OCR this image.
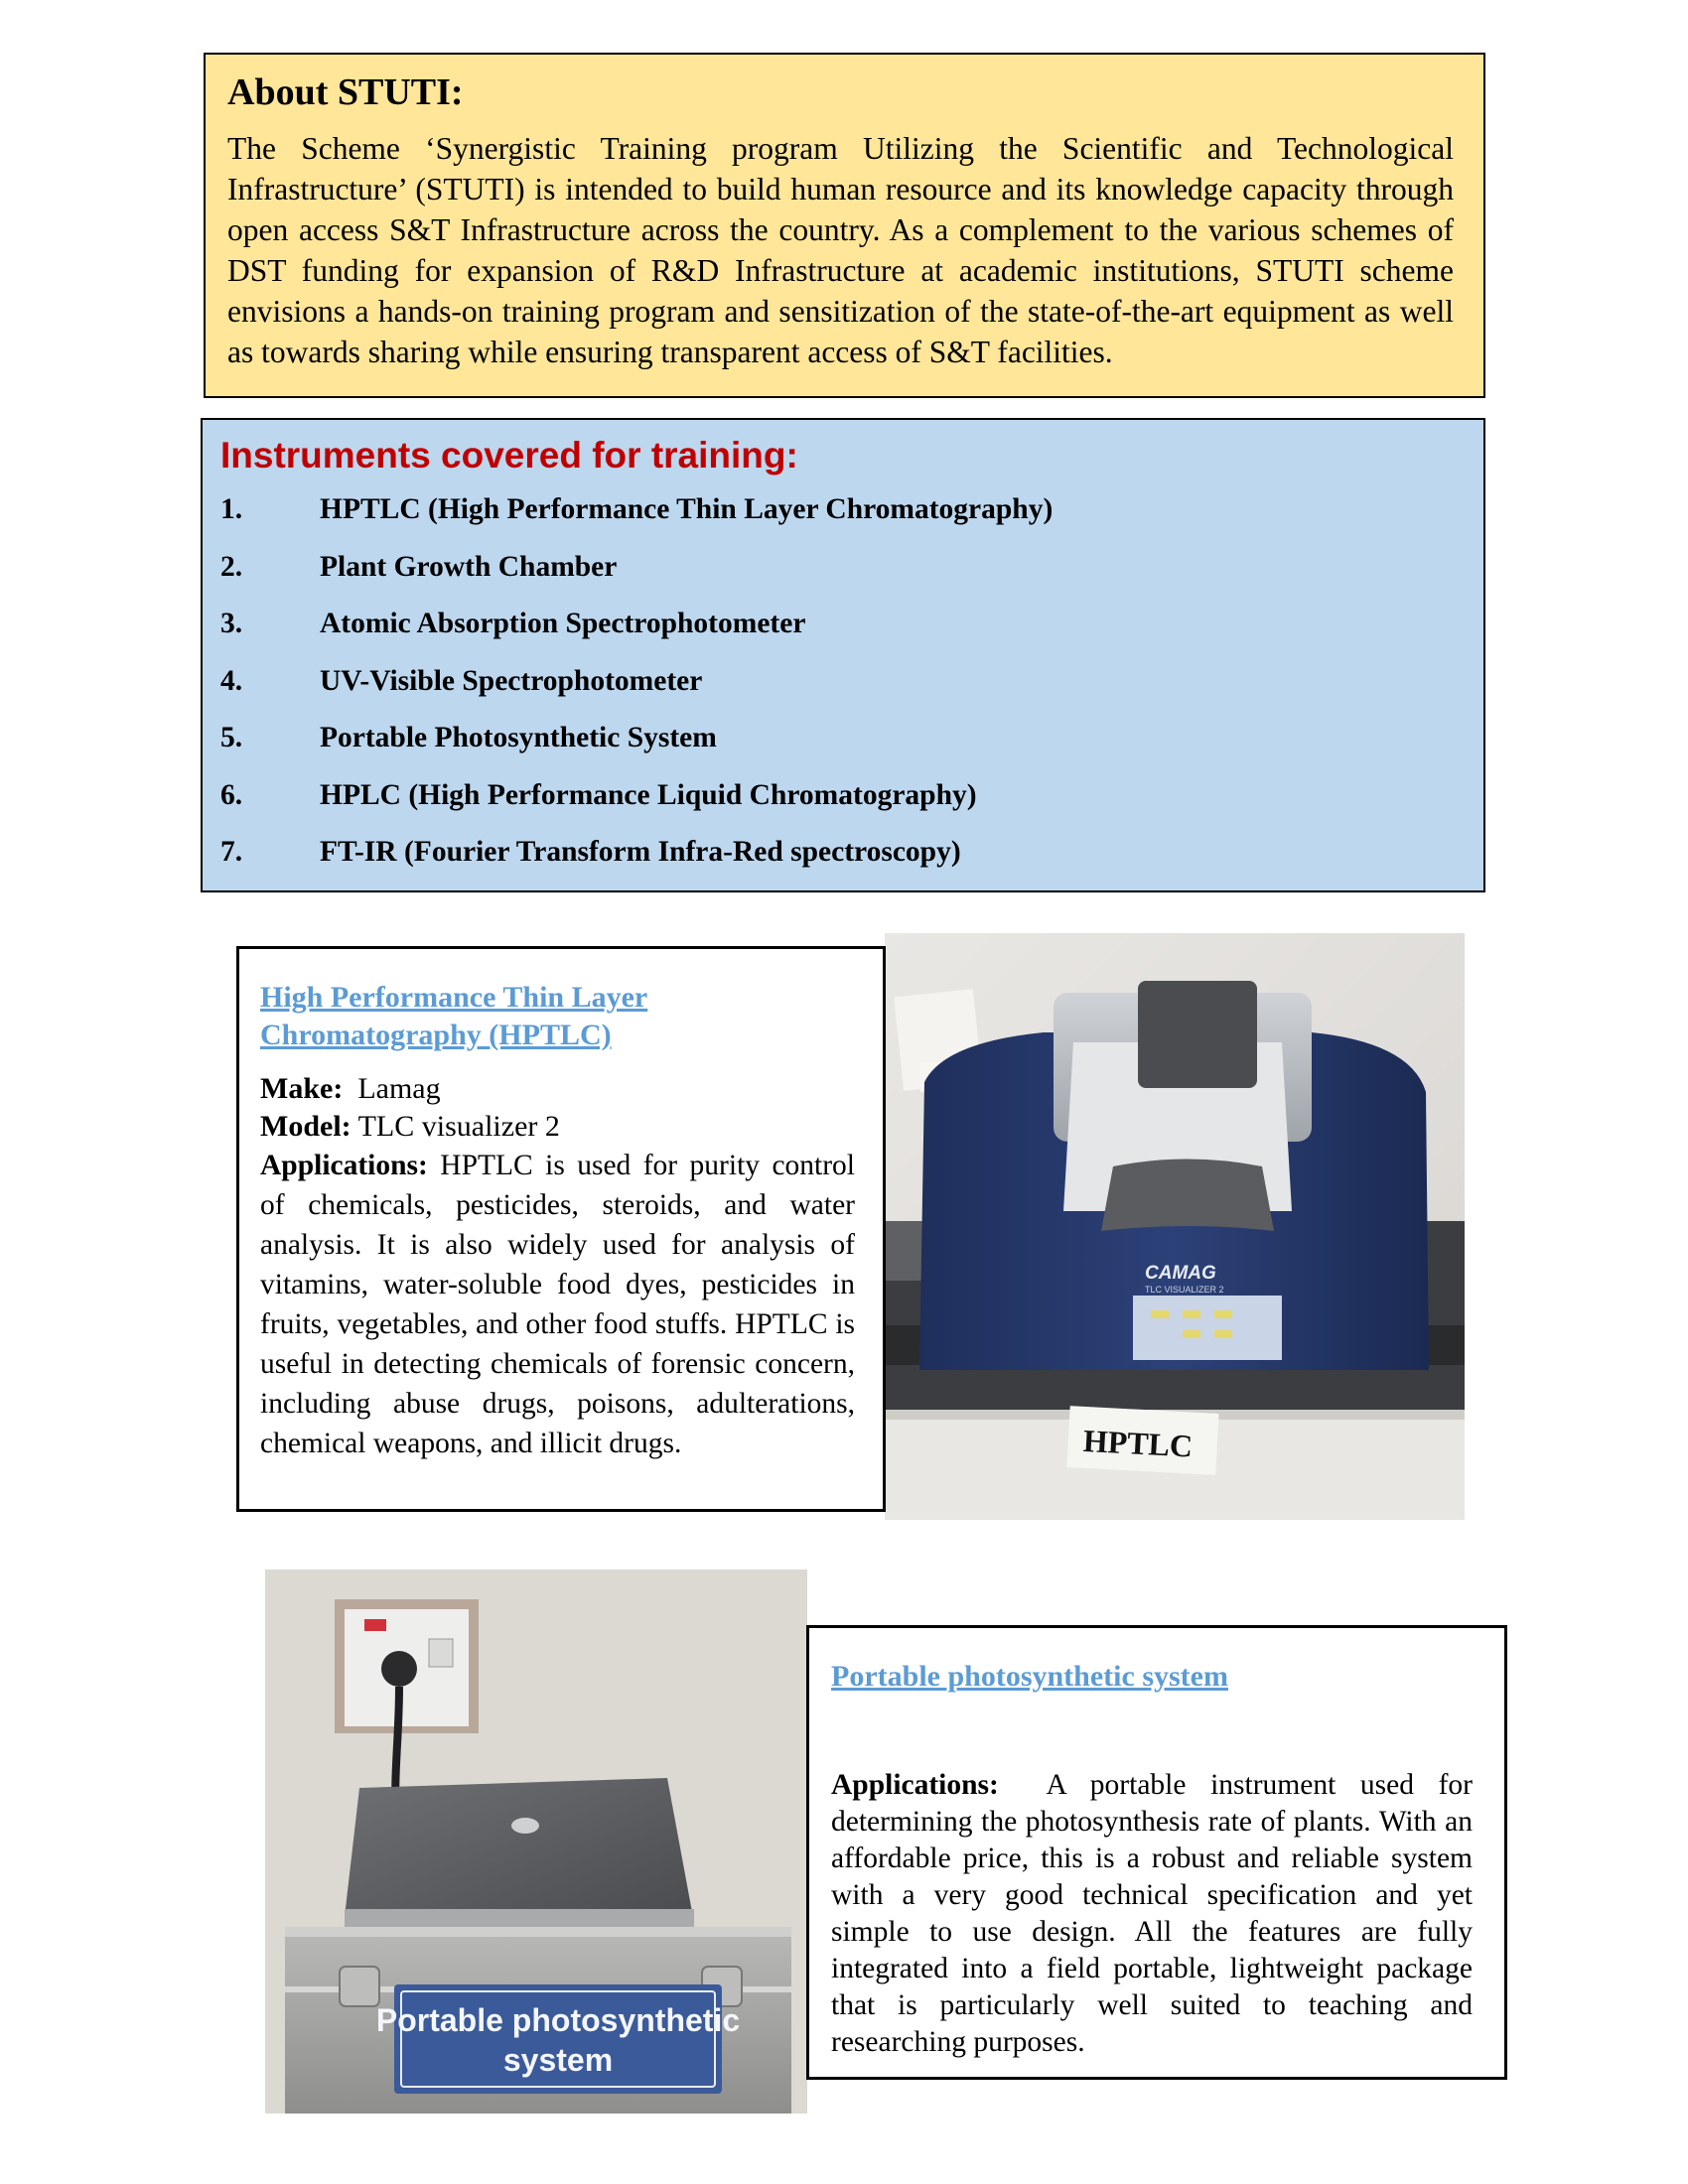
About STUTI:

The Scheme ‘Synergistic Training program Utilizing the Scientific and Technological Infrastructure’ (STUTI) is intended to build human resource and its knowledge capacity through open access S&T Infrastructure across the country. As a complement to the various schemes of DST funding for expansion of R&D Infrastructure at academic institutions, STUTI scheme envisions a hands-on training program and sensitization of the state-of-the-art equipment as well as towards sharing while ensuring transparent access of S&T facilities.

Instruments covered for training:
1.	HPTLC (High Performance Thin Layer Chromatography)
2.	Plant Growth Chamber
3.	Atomic Absorption Spectrophotometer
4.	UV-Visible Spectrophotometer
5.	Portable Photosynthetic System
6.	HPLC (High Performance Liquid Chromatography)
7.	FT-IR (Fourier Transform Infra-Red spectroscopy)
CAMAG
TLC VISUALIZER 2
HPTLC

High Performance Thin Layer Chromatography (HPTLC)

Make: Lamag

Model: TLC visualizer 2

Applications: HPTLC is used for purity control of chemicals, pesticides, steroids, and water analysis. It is also widely used for analysis of vitamins, water-soluble food dyes, pesticides in fruits, vegetables, and other food stuffs. HPTLC is useful in detecting chemicals of forensic concern, including abuse drugs, poisons, adulterations, chemical weapons, and illicit drugs.

Portable photosynthetic
system

Portable photosynthetic system

Applications: A portable instrument used for determining the photosynthesis rate of plants. With an affordable price, this is a robust and reliable system with a very good technical specification and yet simple to use design. All the features are fully integrated into a field portable, lightweight package that is particularly well suited to teaching and researching purposes.
